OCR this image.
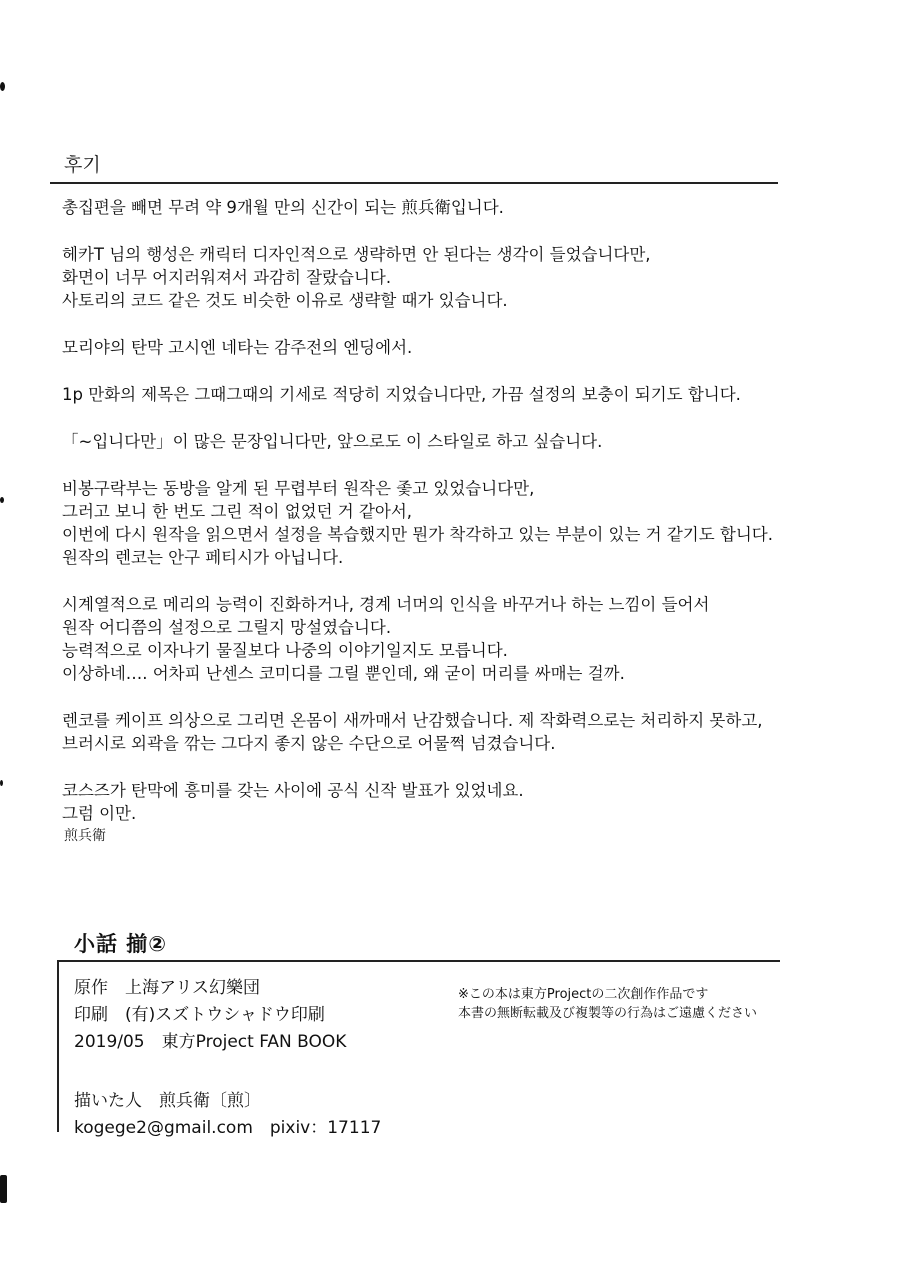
후기
총집편을 빼면 무려 약 9개월 만의 신간이 되는 煎兵衛입니다.
헤카T 님의 행성은 캐릭터 디자인적으로 생략하면 안 된다는 생각이 들었습니다만,
화면이 너무 어지러워져서 과감히 잘랐습니다.
사토리의 코드 같은 것도 비슷한 이유로 생략할 때가 있습니다.
모리야의 탄막 고시엔 네타는 감주전의 엔딩에서.
1p 만화의 제목은 그때그때의 기세로 적당히 지었습니다만, 가끔 설정의 보충이 되기도 합니다.
「~입니다만」이 많은 문장입니다만, 앞으로도 이 스타일로 하고 싶습니다.
비봉구락부는 동방을 알게 된 무렵부터 원작은 좇고 있었습니다만,
그러고 보니 한 번도 그린 적이 없었던 거 같아서,
이번에 다시 원작을 읽으면서 설정을 복습했지만 뭔가 착각하고 있는 부분이 있는 거 같기도 합니다.
원작의 렌코는 안구 페티시가 아닙니다.
시계열적으로 메리의 능력이 진화하거나, 경계 너머의 인식을 바꾸거나 하는 느낌이 들어서
원작 어디쯤의 설정으로 그릴지 망설였습니다.
능력적으로 이자나기 물질보다 나중의 이야기일지도 모릅니다.
이상하네…. 어차피 난센스 코미디를 그릴 뿐인데, 왜 굳이 머리를 싸매는 걸까.
렌코를 케이프 의상으로 그리면 온몸이 새까매서 난감했습니다. 제 작화력으로는 처리하지 못하고,
브러시로 외곽을 깎는 그다지 좋지 않은 수단으로 어물쩍 넘겼습니다.
코스즈가 탄막에 흥미를 갖는 사이에 공식 신작 발표가 있었네요.
그럼 이만.
煎兵衛
小話 揃②
原作　上海アリス幻樂団
印刷　(有)スズトウシャドウ印刷
2019/05　東方Project FAN BOOK
描いた人　煎兵衛〔煎〕
kogege2@gmail.com　pixiv：17117
※この本は東方Projectの二次創作作品です
本書の無断転載及び複製等の行為はご遠慮ください
